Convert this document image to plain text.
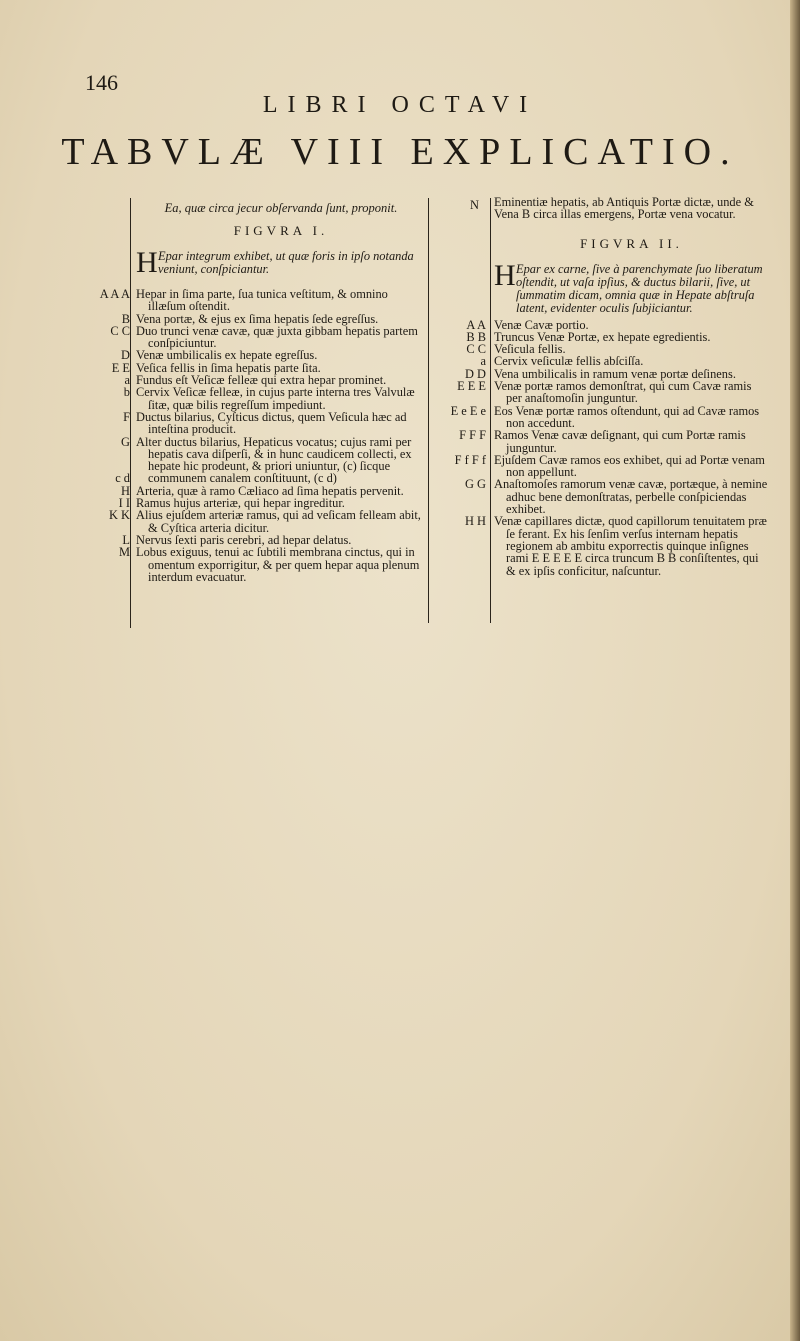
146
LIBRI OCTAVI
TABVLÆ VIII EXPLICATIO.
Ea, quæ circa jecur obſervanda ſunt, proponit.
FIGVRA I.
H Epar integrum exhibet, ut quæ foris in ipſo notanda veniunt, conſpiciantur.
A A A Hepar in ſima parte, ſua tunica veſtitum, & omnino illæſum oſtendit.
B Vena portæ, & ejus ex ſima hepatis ſede egreſſus.
C C Duo trunci venæ cavæ, quæ juxta gibbam hepatis partem conſpiciuntur.
D Venæ umbilicalis ex hepate egreſſus.
E E Veſica fellis in ſima hepatis parte ſita.
a Fundus eſt Veſicæ felleæ qui extra hepar prominet.
b Cervix Veſicæ felleæ, in cujus parte interna tres Valvulæ ſitæ, quæ bilis regreſſum impediunt.
F Ductus bilarius, Cyſticus dictus, quem Veſicula hæc ad inteſtina producit.
G Alter ductus bilarius, Hepaticus vocatus; cujus rami per hepatis cava diſperſi, & in hunc caudicem collecti, ex hepate hic prodeunt, & priori uniuntur, (c) ſicque communem canalem conſtituunt, (c d)
c d
H Arteria, quæ à ramo Cæliaco ad ſima hepatis pervenit.
I I Ramus hujus arteriæ, qui hepar ingreditur.
K K Alius ejuſdem arteriæ ramus, qui ad veſicam felleam abit, & Cyſtica arteria dicitur.
L Nervus ſexti paris cerebri, ad hepar delatus.
M Lobus exiguus, tenui ac ſubtili membrana cinctus, qui in omentum exporrigitur, & per quem hepar aqua plenum interdum evacuatur.
N Eminentiæ hepatis, ab Antiquis Portæ dictæ, unde & Vena B circa illas emergens, Portæ vena vocatur.
FIGVRA II.
H Epar ex carne, ſive à parenchymate ſuo liberatum oſtendit, ut vaſa ipſius, & ductus bilarii, ſive, ut ſummatim dicam, omnia quæ in Hepate abſtruſa latent, evidenter oculis ſubjiciantur.
A A Venæ Cavæ portio.
B B Truncus Venæ Portæ, ex hepate egredientis.
C C Veſicula fellis.
a Cervix veſiculæ fellis abſciſſa.
D D Vena umbilicalis in ramum venæ portæ deſinens.
E E E Venæ portæ ramos demonſtrat, qui cum Cavæ ramis per anaſtomoſin junguntur.
E e E e Eos Venæ portæ ramos oſtendunt, qui ad Cavæ ramos non accedunt.
F F F Ramos Venæ cavæ deſignant, qui cum Portæ ramis junguntur.
F f F f Ejuſdem Cavæ ramos eos exhibet, qui ad Portæ venam non appellunt.
G G Anaſtomoſes ramorum venæ cavæ, portæque, à nemine adhuc bene demonſtratas, perbelle conſpiciendas exhibet.
H H Venæ capillares dictæ, quod capillorum tenuitatem præ ſe ferant. Ex his ſenſim verſus internam hepatis regionem ab ambitu exporrectis quinque inſignes rami E E E E E circa truncum B B conſiſtentes, qui & ex ipſis conficitur, naſcuntur.
